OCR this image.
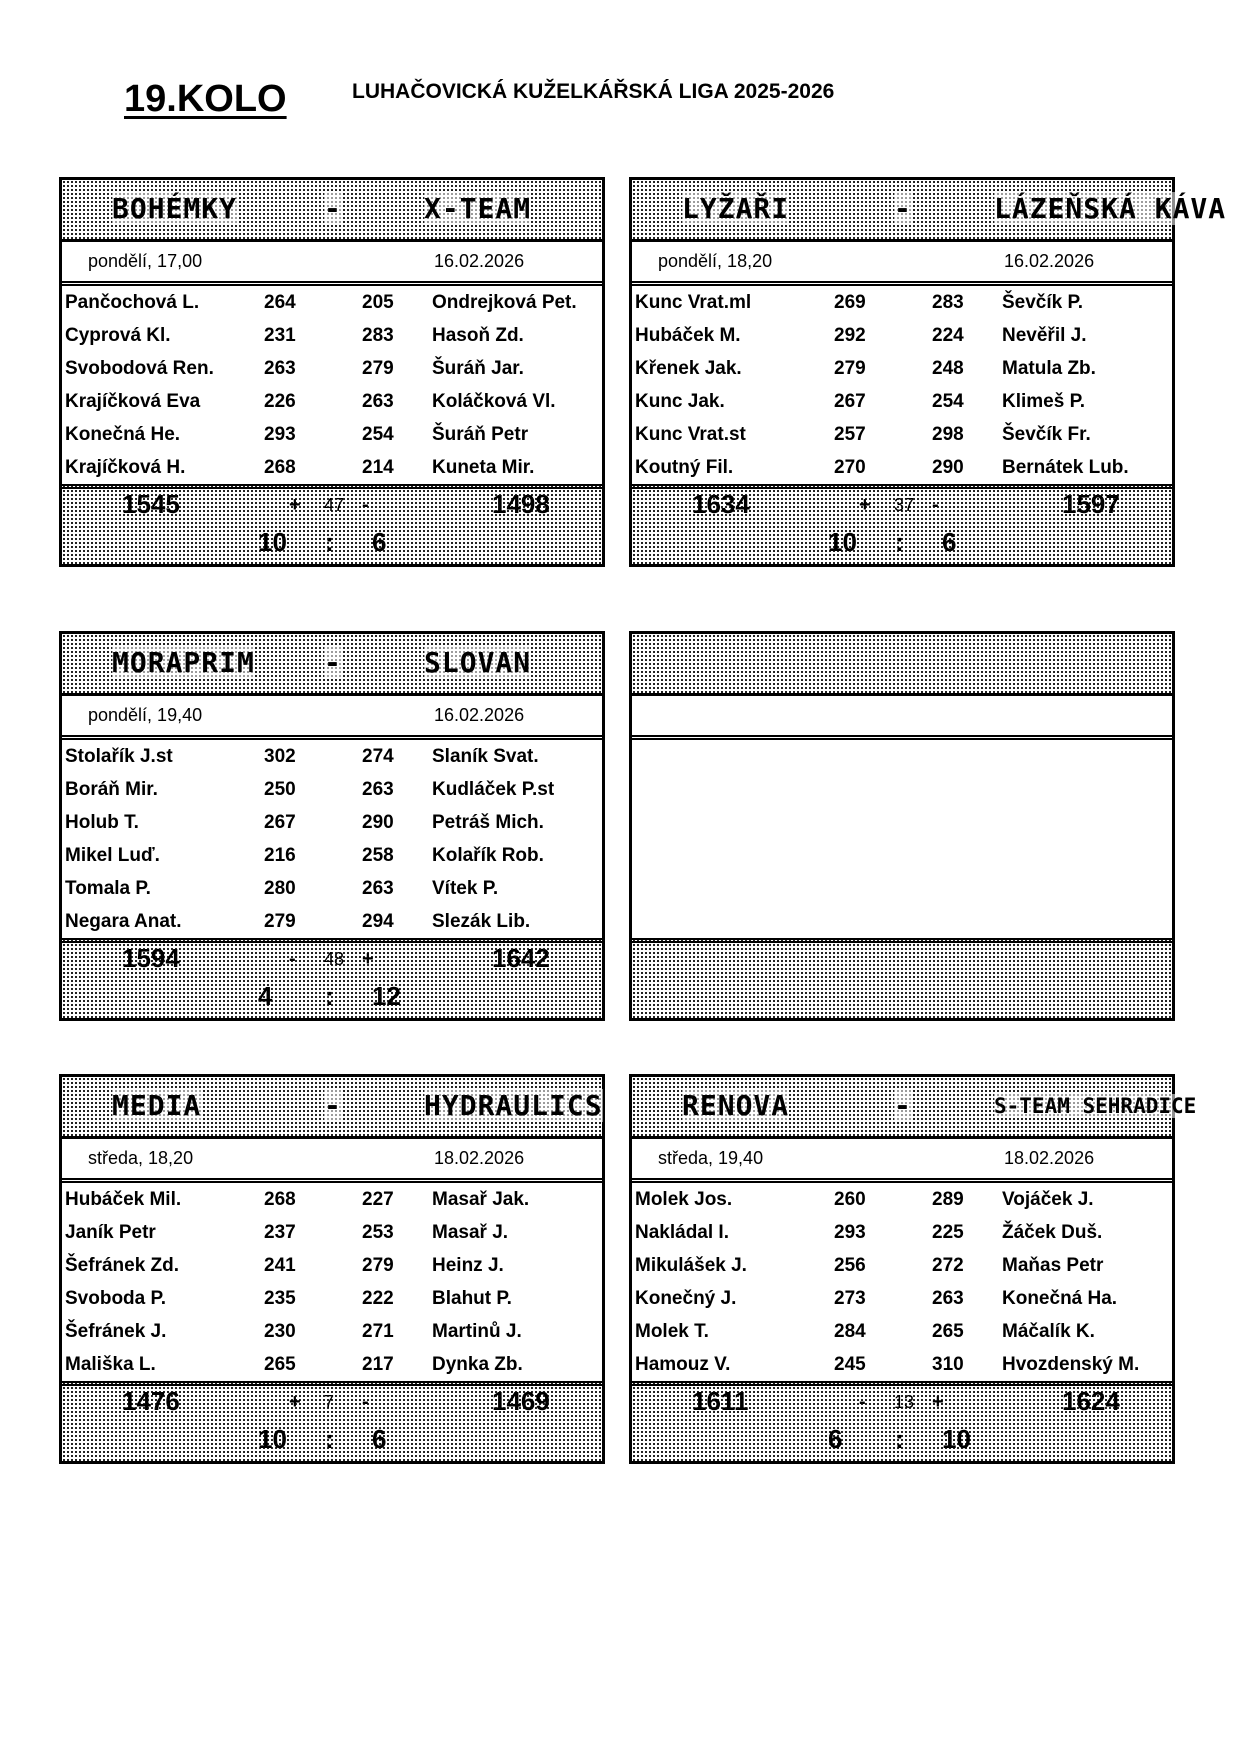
19.KOLO	LUHAČOVICKÁ KUŽELKÁŘSKÁ LIGA 2025-2026
BOHÉMKY	-	X-TEAM
pondělí, 17,00	16.02.2026
Pančochová L.	264	205 Ondrejková Pet.
Cyprová Kl.	231	283 Hasoň Zd.
Svobodová Ren.	263	279 Šuráň Jar.
Krajíčková Eva	226	263 Koláčková Vl.
Konečná He.	293	254 Šuráň Petr
Krajíčková H.	268	214 Kuneta Mir.
1545	+ 47 -	1498
10 : 6
LYŽAŘI	-	LÁZEŇSKÁ KÁVA
pondělí, 18,20	16.02.2026
Kunc Vrat.ml	269	283 Ševčík P.
Hubáček M.	292	224 Nevěřil J.
Křenek Jak.	279	248 Matula Zb.
Kunc Jak.	267	254 Klimeš P.
Kunc Vrat.st	257	298 Ševčík Fr.
Koutný Fil.	270	290 Bernátek Lub.
1634	+ 37 -	1597
10 : 6
MORAPRIM -	SLOVAN
pondělí, 19,40	16.02.2026
Stolařík J.st	302	274 Slaník Svat.
Boráň Mir.	250	263 Kudláček P.st
Holub T.	267	290 Petráš Mich.
Mikel Luď.	216	258 Kolařík Rob.
Tomala P.	280	263 Vítek P.
Negara Anat.	279	294 Slezák Lib.
1594	- 48 +	1642
4 : 12
MEDIA	-	HYDRAULICS
středa, 18,20	18.02.2026
Hubáček Mil.	268	227 Masař Jak.
Janík Petr	237	253 Masař J.
Šefránek Zd.	241	279 Heinz J.
Svoboda P.	235	222 Blahut P.
Šefránek J.	230	271 Martinů J.
Mališka L.	265	217 Dynka Zb.
1476	+ 7 -	1469
10 : 6
RENOVA	-	S-TEAM SEHRADICE
středa, 19,40	18.02.2026
Molek Jos.	260	289 Vojáček J.
Nakládal I.	293	225 Žáček Duš.
Mikulášek J.	256	272 Maňas Petr
Konečný J.	273	263 Konečná Ha.
Molek T.	284	265 Máčalík K.
Hamouz V.	245	310 Hvozdenský M.
1611	- 13 +	1624
6 : 10
